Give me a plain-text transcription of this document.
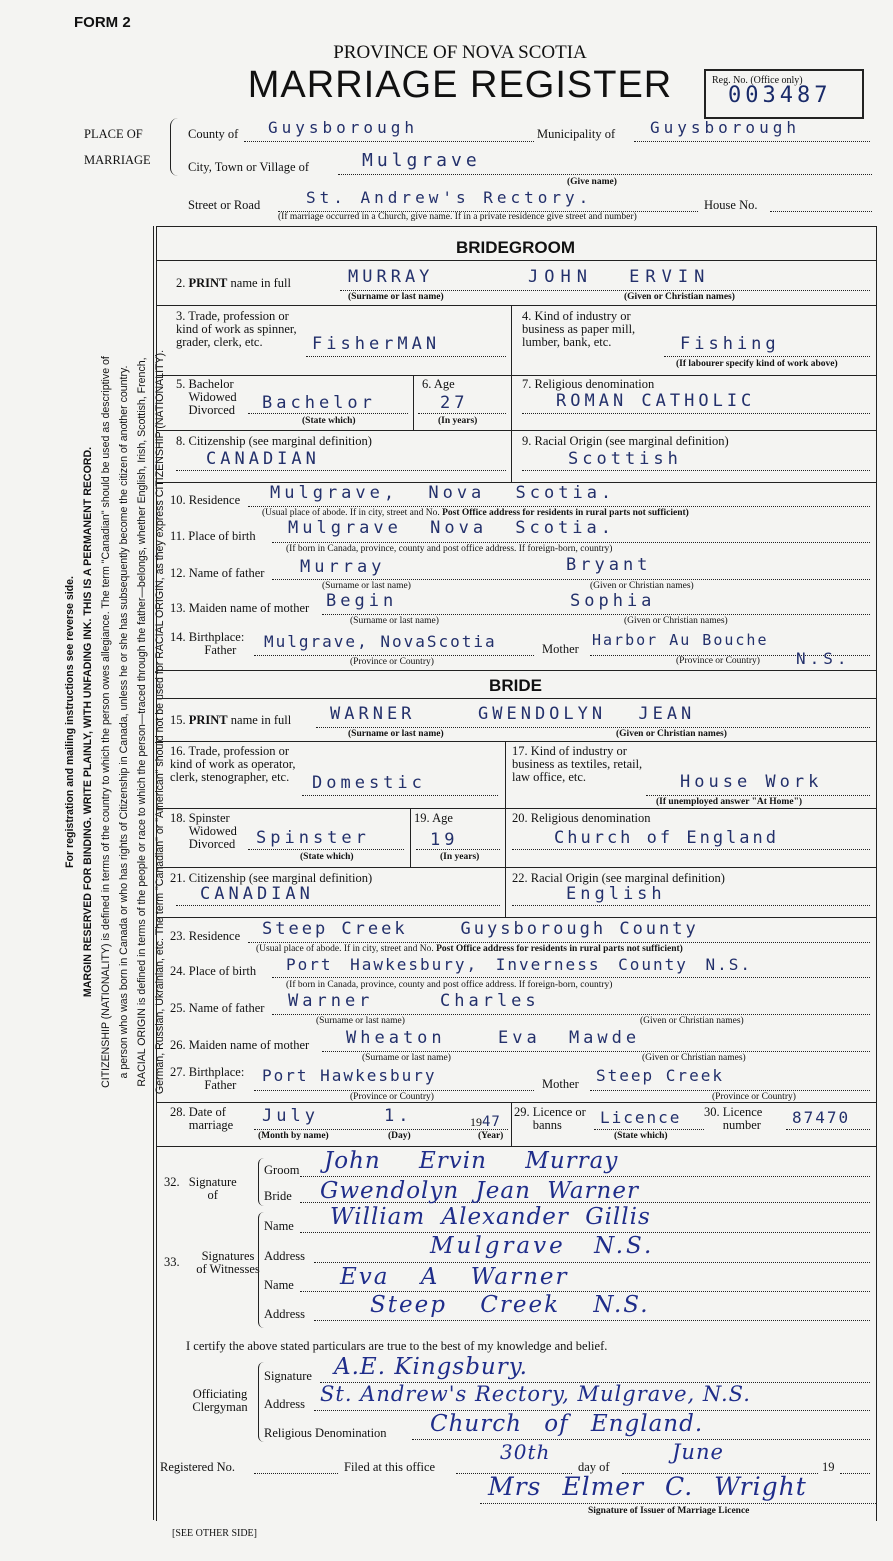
FORM 2
PROVINCE OF NOVA SCOTIA
MARRIAGE REGISTER	Reg. No. (Office only)
003487
PLACE OF
MARRIAGE
County of Guysborough	Municipality of Guysborough
City, Town or Village of	Mulgrave
(Give name)
Street or Road	St. Andrew's Rectory.	House No.
(If marriage occurred in a Church, give name. If in a private residence give street and number)
For registration and mailing instructions see reverse side. MARGIN RESERVED FOR BINDING. WRITE PLAINLY, WITH UNFADING INK. THIS IS A PERMANENT RECORD. CITIZENSHIP (NATIONALITY) is defined in terms of the country to which the person owes allegiance. The term "Canadian" should be used as descriptive of a person who was born in Canada or who has rights of Citizenship in Canada, unless he or she has subsequently become the citizen of another country. RACIAL ORIGIN is defined in terms of the people or race to which the person—traced through the father—belongs, whether English, Irish, Scottish, French, German, Russian, Ukrainian, etc. The term "Canadian" or "American" should not be used for RACIAL ORIGIN, as they express CITIZENSHIP (NATIONALITY).
BRIDEGROOM
2. PRINT name in full	MURRAY	JOHN ERVIN
(Surname or last name)	(Given or Christian names)
3. Trade, profession or kind of work as spinner, grader, clerk, etc.	FisherMAN
4. Kind of industry or business as paper mill, lumber, bank, etc.	Fishing
(If labourer specify kind of work above)
5. Bachelor
Widowed
Divorced Bachelor
(State which)
6. Age
27
(In years)
7. Religious denomination
ROMAN CATHOLIC
8. Citizenship (see marginal definition)
CANADIAN
9. Racial Origin (see marginal definition)
Scottish
10. Residence Mulgrave, Nova Scotia.
(Usual place of abode. If in city, street and No. Post Office address for residents in rural parts not sufficient)
11. Place of birth Mulgrave Nova Scotia.
(If born in Canada, province, county and post office address. If foreign-born, country)
12. Name of father Murray	Bryant
(Surname or last name)	(Given or Christian names)
13. Maiden name of mother Begin	Sophia
(Surname or last name)	(Given or Christian names)
14. Birthplace:
Father	Mulgrave, NovaScotia
(Province or Country)
Mother Harbor Au Bouche
(Province or Country) N.S.
BRIDE
15. PRINT name in full WARNER	GWENDOLYN JEAN
(Surname or last name)	(Given or Christian names)
16. Trade, profession or kind of work as operator, clerk, stenographer, etc.	Domestic
17. Kind of industry or business as textiles, retail, law office, etc.	House Work
(If unemployed answer "At Home")
18. Spinster
Widowed
Divorced Spinster
(State which)
19. Age
19
(In years)
20. Religious denomination
Church of England
21. Citizenship (see marginal definition)
CANADIAN
22. Racial Origin (see marginal definition)
English
23. Residence Steep Creek    Guysborough County
(Usual place of abode. If in city, street and No. Post Office address for residents in rural parts not sufficient)
24. Place of birth Port Hawkesbury, Inverness County N.S.
(If born in Canada, province, county and post office address. If foreign-born, country)
25. Name of father Warner	Charles
(Surname or last name)	(Given or Christian names)
26. Maiden name of mother Wheaton	Eva Mawde
(Surname or last name)	(Given or Christian names)
27. Birthplace:
Father	Port Hawkesbury
(Province or Country)
Mother Steep Creek
(Province or Country)
28. Date of marriage	July	1.	1947
(Month by name)	(Day)	(Year)
29. Licence or banns	Licence
(State which)
30. Licence number	87470
32. Signature of
Groom John Ervin Murray
Bride Gwendolyn Jean Warner
33.	Signatures of Witnesses
Name William Alexander Gillis
Address	Mulgrave N.S.
Name Eva A Warner
Address	Steep Creek N.S.
I certify the above stated particulars are true to the best of my knowledge and belief.
Officiating Clergyman
Signature A.E. Kingsbury.
Address St. Andrew's Rectory, Mulgrave, N.S.
Religious Denomination Church of England.
Registered No.	Filed at this office
30th
day of
June
19
Mrs Elmer C. Wright
Signature of Issuer of Marriage Licence
[SEE OTHER SIDE]
